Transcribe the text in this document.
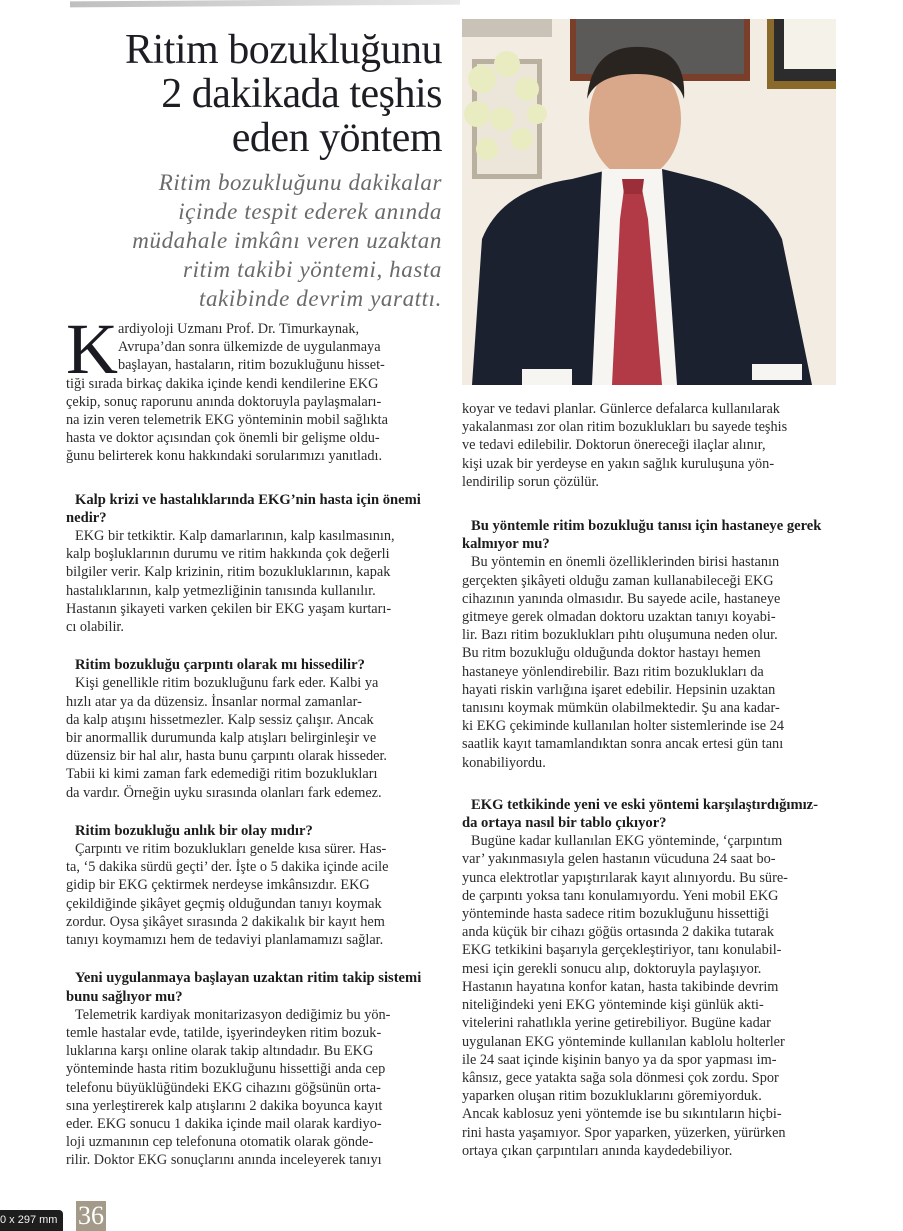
Ritim bozukluğunu
2 dakikada teşhis
eden yöntem
Ritim bozukluğunu dakikalar
içinde tespit ederek anında
müdahale imkânı veren uzaktan
ritim takibi yöntemi, hasta
takibinde devrim yarattı.
K ardiyoloji Uzmanı Prof. Dr. Timurkaynak,
Avrupa’dan sonra ülkemizde de uygulanmaya
başlayan, hastaların, ritim bozukluğunu hisset-
tiği sırada birkaç dakika içinde kendi kendilerine EKG
çekip, sonuç raporunu anında doktoruyla paylaşmaları-
na izin veren telemetrik EKG yönteminin mobil sağlıkta
hasta ve doktor açısından çok önemli bir gelişme oldu-
ğunu belirterek konu hakkındaki sorularımızı yanıtladı.
Kalp krizi ve hastalıklarında EKG’nin hasta için önemi
nedir?
EKG bir tetkiktir. Kalp damarlarının, kalp kasılmasının,
kalp boşluklarının durumu ve ritim hakkında çok değerli
bilgiler verir. Kalp krizinin, ritim bozukluklarının, kapak
hastalıklarının, kalp yetmezliğinin tanısında kullanılır.
Hastanın şikayeti varken çekilen bir EKG yaşam kurtarı-
cı olabilir.
Ritim bozukluğu çarpıntı olarak mı hissedilir?
Kişi genellikle ritim bozukluğunu fark eder. Kalbi ya
hızlı atar ya da düzensiz. İnsanlar normal zamanlar-
da kalp atışını hissetmezler. Kalp sessiz çalışır. Ancak
bir anormallik durumunda kalp atışları belirginleşir ve
düzensiz bir hal alır, hasta bunu çarpıntı olarak hisseder.
Tabii ki kimi zaman fark edemediği ritim bozuklukları
da vardır. Örneğin uyku sırasında olanları fark edemez.
Ritim bozukluğu anlık bir olay mıdır?
Çarpıntı ve ritim bozuklukları genelde kısa sürer. Has-
ta, ‘5 dakika sürdü geçti’ der. İşte o 5 dakika içinde acile
gidip bir EKG çektirmek nerdeyse imkânsızdır. EKG
çekildiğinde şikâyet geçmiş olduğundan tanıyı koymak
zordur. Oysa şikâyet sırasında 2 dakikalık bir kayıt hem
tanıyı koymamızı hem de tedaviyi planlamamızı sağlar.
Yeni uygulanmaya başlayan uzaktan ritim takip sistemi
bunu sağlıyor mu?
Telemetrik kardiyak monitarizasyon dediğimiz bu yön-
temle hastalar evde, tatilde, işyerindeyken ritim bozuk-
luklarına karşı online olarak takip altındadır. Bu EKG
yönteminde hasta ritim bozukluğunu hissettiği anda cep
telefonu büyüklüğündeki EKG cihazını göğsünün orta-
sına yerleştirerek kalp atışlarını 2 dakika boyunca kayıt
eder. EKG sonucu 1 dakika içinde mail olarak kardiyo-
loji uzmanının cep telefonuna otomatik olarak gönde-
rilir. Doktor EKG sonuçlarını anında inceleyerek tanıyı
koyar ve tedavi planlar. Günlerce defalarca kullanılarak
yakalanması zor olan ritim bozuklukları bu sayede teşhis
ve tedavi edilebilir. Doktorun önereceği ilaçlar alınır,
kişi uzak bir yerdeyse en yakın sağlık kuruluşuna yön-
lendirilip sorun çözülür.
Bu yöntemle ritim bozukluğu tanısı için hastaneye gerek
kalmıyor mu?
Bu yöntemin en önemli özelliklerinden birisi hastanın
gerçekten şikâyeti olduğu zaman kullanabileceği EKG
cihazının yanında olmasıdır. Bu sayede acile, hastaneye
gitmeye gerek olmadan doktoru uzaktan tanıyı koyabi-
lir. Bazı ritim bozuklukları pıhtı oluşumuna neden olur.
Bu ritm bozukluğu olduğunda doktor hastayı hemen
hastaneye yönlendirebilir. Bazı ritim bozuklukları da
hayati riskin varlığına işaret edebilir. Hepsinin uzaktan
tanısını koymak mümkün olabilmektedir. Şu ana kadar-
ki EKG çekiminde kullanılan holter sistemlerinde ise 24
saatlik kayıt tamamlandıktan sonra ancak ertesi gün tanı
konabiliyordu.
EKG tetkikinde yeni ve eski yöntemi karşılaştırdığımız-
da ortaya nasıl bir tablo çıkıyor?
Bugüne kadar kullanılan EKG yönteminde, ‘çarpıntım
var’ yakınmasıyla gelen hastanın vücuduna 24 saat bo-
yunca elektrotlar yapıştırılarak kayıt alınıyordu. Bu süre-
de çarpıntı yoksa tanı konulamıyordu. Yeni mobil EKG
yönteminde hasta sadece ritim bozukluğunu hissettiği
anda küçük bir cihazı göğüs ortasında 2 dakika tutarak
EKG tetkikini başarıyla gerçekleştiriyor, tanı konulabil-
mesi için gerekli sonucu alıp, doktoruyla paylaşıyor.
Hastanın hayatına konfor katan, hasta takibinde devrim
niteliğindeki yeni EKG yönteminde kişi günlük akti-
vitelerini rahatlıkla yerine getirebiliyor. Bugüne kadar
uygulanan EKG yönteminde kullanılan kablolu holterler
ile 24 saat içinde kişinin banyo ya da spor yapması im-
kânsız, gece yatakta sağa sola dönmesi çok zordu. Spor
yaparken oluşan ritim bozukluklarını göremiyorduk.
Ancak kablosuz yeni yöntemde ise bu sıkıntıların hiçbi-
rini hasta yaşamıyor. Spor yaparken, yüzerken, yürürken
ortaya çıkan çarpıntıları anında kaydedebiliyor.
0 x 297 mm 36
